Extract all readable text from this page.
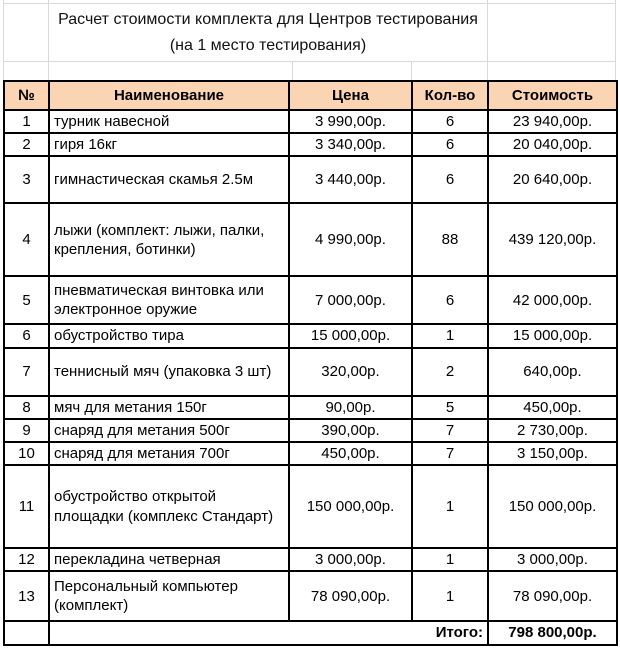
Расчет стоимости комплекта для Центров тестирования
(на 1 место тестирования)
№	Наименование	Цена	Кол-во	Стоимость
1	турник навесной	3 990,00р.	6	23 940,00р.
2	гиря 16кг	3 340,00р.	6	20 040,00р.
3	гимнастическая скамья 2.5м	3 440,00р.	6	20 640,00р.
4	лыжи (комплект: лыжи, палки, крепления, ботинки)	4 990,00р.	88	439 120,00р.
5	пневматическая винтовка или электронное оружие	7 000,00р.	6	42 000,00р.
6	обустройство тира	15 000,00р.	1	15 000,00р.
7	теннисный мяч (упаковка 3 шт)	320,00р.	2	640,00р.
8	мяч для метания 150г	90,00р.	5	450,00р.
9	снаряд для метания 500г	390,00р.	7	2 730,00р.
10	снаряд для метания 700г	450,00р.	7	3 150,00р.
11	обустройство открытой площадки (комплекс Стандарт)	150 000,00р.	1	150 000,00р.
12	перекладина четверная	3 000,00р.	1	3 000,00р.
13	Персональный компьютер (комплект)	78 090,00р.	1	78 090,00р.
	Итого:			798 800,00р.
